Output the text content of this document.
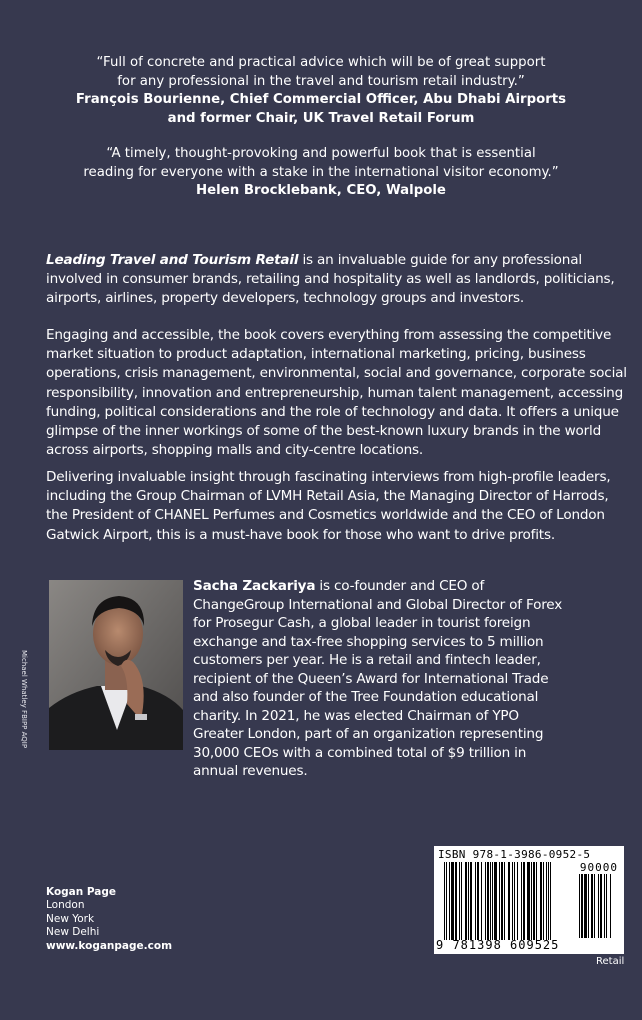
“Full of concrete and practical advice which will be of great support
for any professional in the travel and tourism retail industry.”
François Bourienne, Chief Commercial Officer, Abu Dhabi Airports
and former Chair, UK Travel Retail Forum
“A timely, thought-provoking and powerful book that is essential
reading for everyone with a stake in the international visitor economy.”
Helen Brocklebank, CEO, Walpole

Leading Travel and Tourism Retail is an invaluable guide for any professional involved in consumer brands, retailing and hospitality as well as landlords, politicians, airports, airlines, property developers, technology groups and investors.

Engaging and accessible, the book covers everything from assessing the competitive market situation to product adaptation, international marketing, pricing, business operations, crisis management, environmental, social and governance, corporate social responsibility, innovation and entrepreneurship, human talent management, accessing funding, political considerations and the role of technology and data. It offers a unique glimpse of the inner workings of some of the best-known luxury brands in the world across airports, shopping malls and city-centre locations.

Delivering invaluable insight through fascinating interviews from high-profile leaders, including the Group Chairman of LVMH Retail Asia, the Managing Director of Harrods, the President of CHANEL Perfumes and Cosmetics worldwide and the CEO of London Gatwick Airport, this is a must-have book for those who want to drive profits.

Michael Whatley FBIPP AQIP

Sacha Zackariya is co-founder and CEO of ChangeGroup International and Global Director of Forex for Prosegur Cash, a global leader in tourist foreign exchange and tax-free shopping services to 5 million customers per year. He is a retail and fintech leader, recipient of the Queen’s Award for International Trade and also founder of the Tree Foundation educational charity. In 2021, he was elected Chairman of YPO Greater London, part of an organization representing 30,000 CEOs with a combined total of $9 trillion in annual revenues.

Kogan Page
London
New York
New Delhi
www.koganpage.com
ISBN 978-1-3986-0952-5
90000
9 781398 609525
Retail
